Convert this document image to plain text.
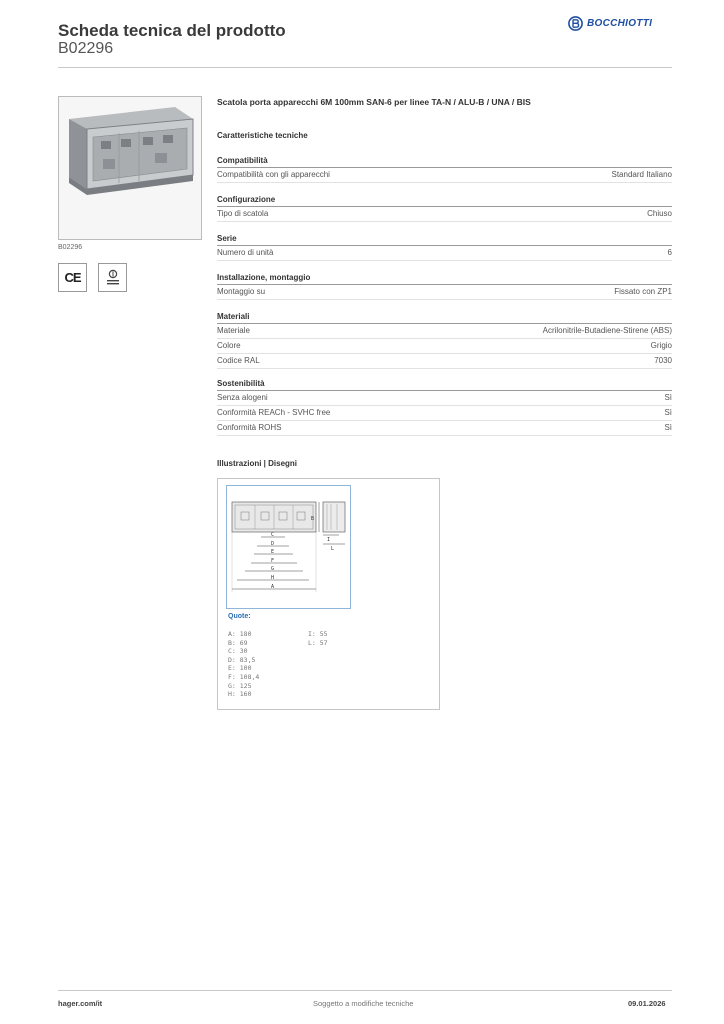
Scheda tecnica del prodotto
B02296
BOCCHIOTTI
B02296
CE
Scatola porta apparecchi 6M 100mm SAN-6 per linee TA-N / ALU-B / UNA / BIS
Caratteristiche tecniche
Compatibilità
Compatibilità con gli apparecchi	Standard Italiano
Configurazione
Tipo di scatola	Chiuso
Serie
Numero di unità	6
Installazione, montaggio
Montaggio su	Fissato con ZP1
Materiali
Materiale	Acrilonitrile-Butadiene-Stirene (ABS)
Colore	Grigio
Codice RAL	7030
Sostenibilità
Senza alogeni	Sì
Conformità REACh - SVHC free	Sì
Conformità ROHS	Sì
Illustrazioni | Disegni
B
I
L
C
D
E
F
G
H
A
Quote:
A: 180
B: 69
C: 30
D: 83,5
E: 100
F: 108,4
G: 125
H: 160
I: 55
L: 57
hager.com/it	Soggetto a modifiche tecniche	09.01.2026
